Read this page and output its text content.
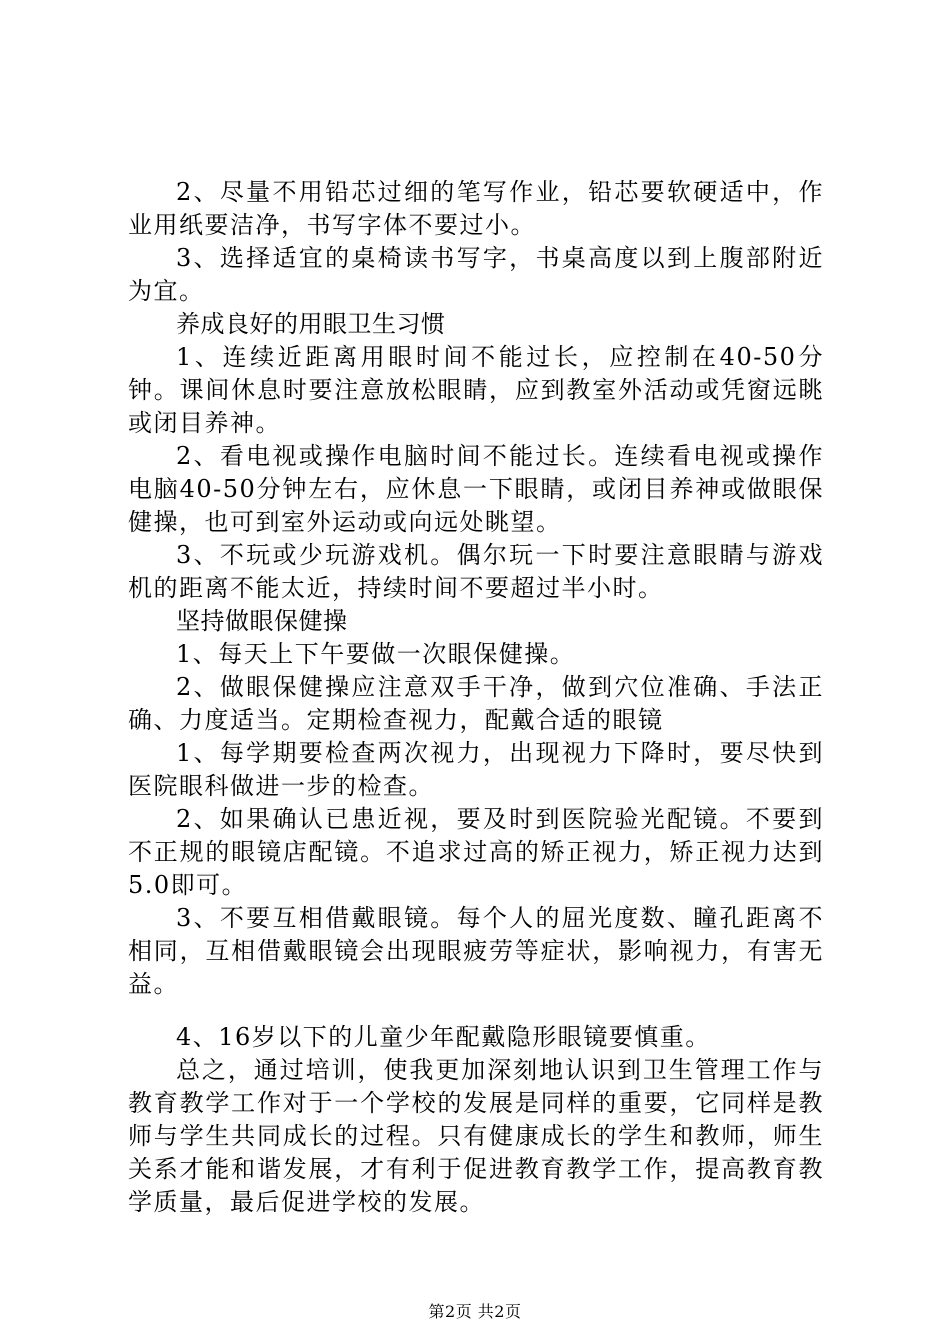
2、尽量不用铅芯过细的笔写作业，铅芯要软硬适中，作业用纸要洁净，书写字体不要过小。

3、选择适宜的桌椅读书写字，书桌高度以到上腹部附近为宜。

养成良好的用眼卫生习惯

1、连续近距离用眼时间不能过长，应控制在40-50分钟。课间休息时要注意放松眼睛，应到教室外活动或凭窗远眺或闭目养神。

2、看电视或操作电脑时间不能过长。连续看电视或操作电脑40-50分钟左右，应休息一下眼睛，或闭目养神或做眼保健操，也可到室外运动或向远处眺望。

3、不玩或少玩游戏机。偶尔玩一下时要注意眼睛与游戏机的距离不能太近，持续时间不要超过半小时。

坚持做眼保健操

1、每天上下午要做一次眼保健操。

2、做眼保健操应注意双手干净，做到穴位准确、手法正确、力度适当。定期检查视力，配戴合适的眼镜

1、每学期要检查两次视力，出现视力下降时，要尽快到医院眼科做进一步的检查。

2、如果确认已患近视，要及时到医院验光配镜。不要到不正规的眼镜店配镜。不追求过高的矫正视力，矫正视力达到5.0即可。

3、不要互相借戴眼镜。每个人的屈光度数、瞳孔距离不相同，互相借戴眼镜会出现眼疲劳等症状，影响视力，有害无益。

4、16岁以下的儿童少年配戴隐形眼镜要慎重。

总之，通过培训，使我更加深刻地认识到卫生管理工作与教育教学工作对于一个学校的发展是同样的重要，它同样是教师与学生共同成长的过程。只有健康成长的学生和教师，师生关系才能和谐发展，才有利于促进教育教学工作，提高教育教学质量，最后促进学校的发展。

第2页 共2页
